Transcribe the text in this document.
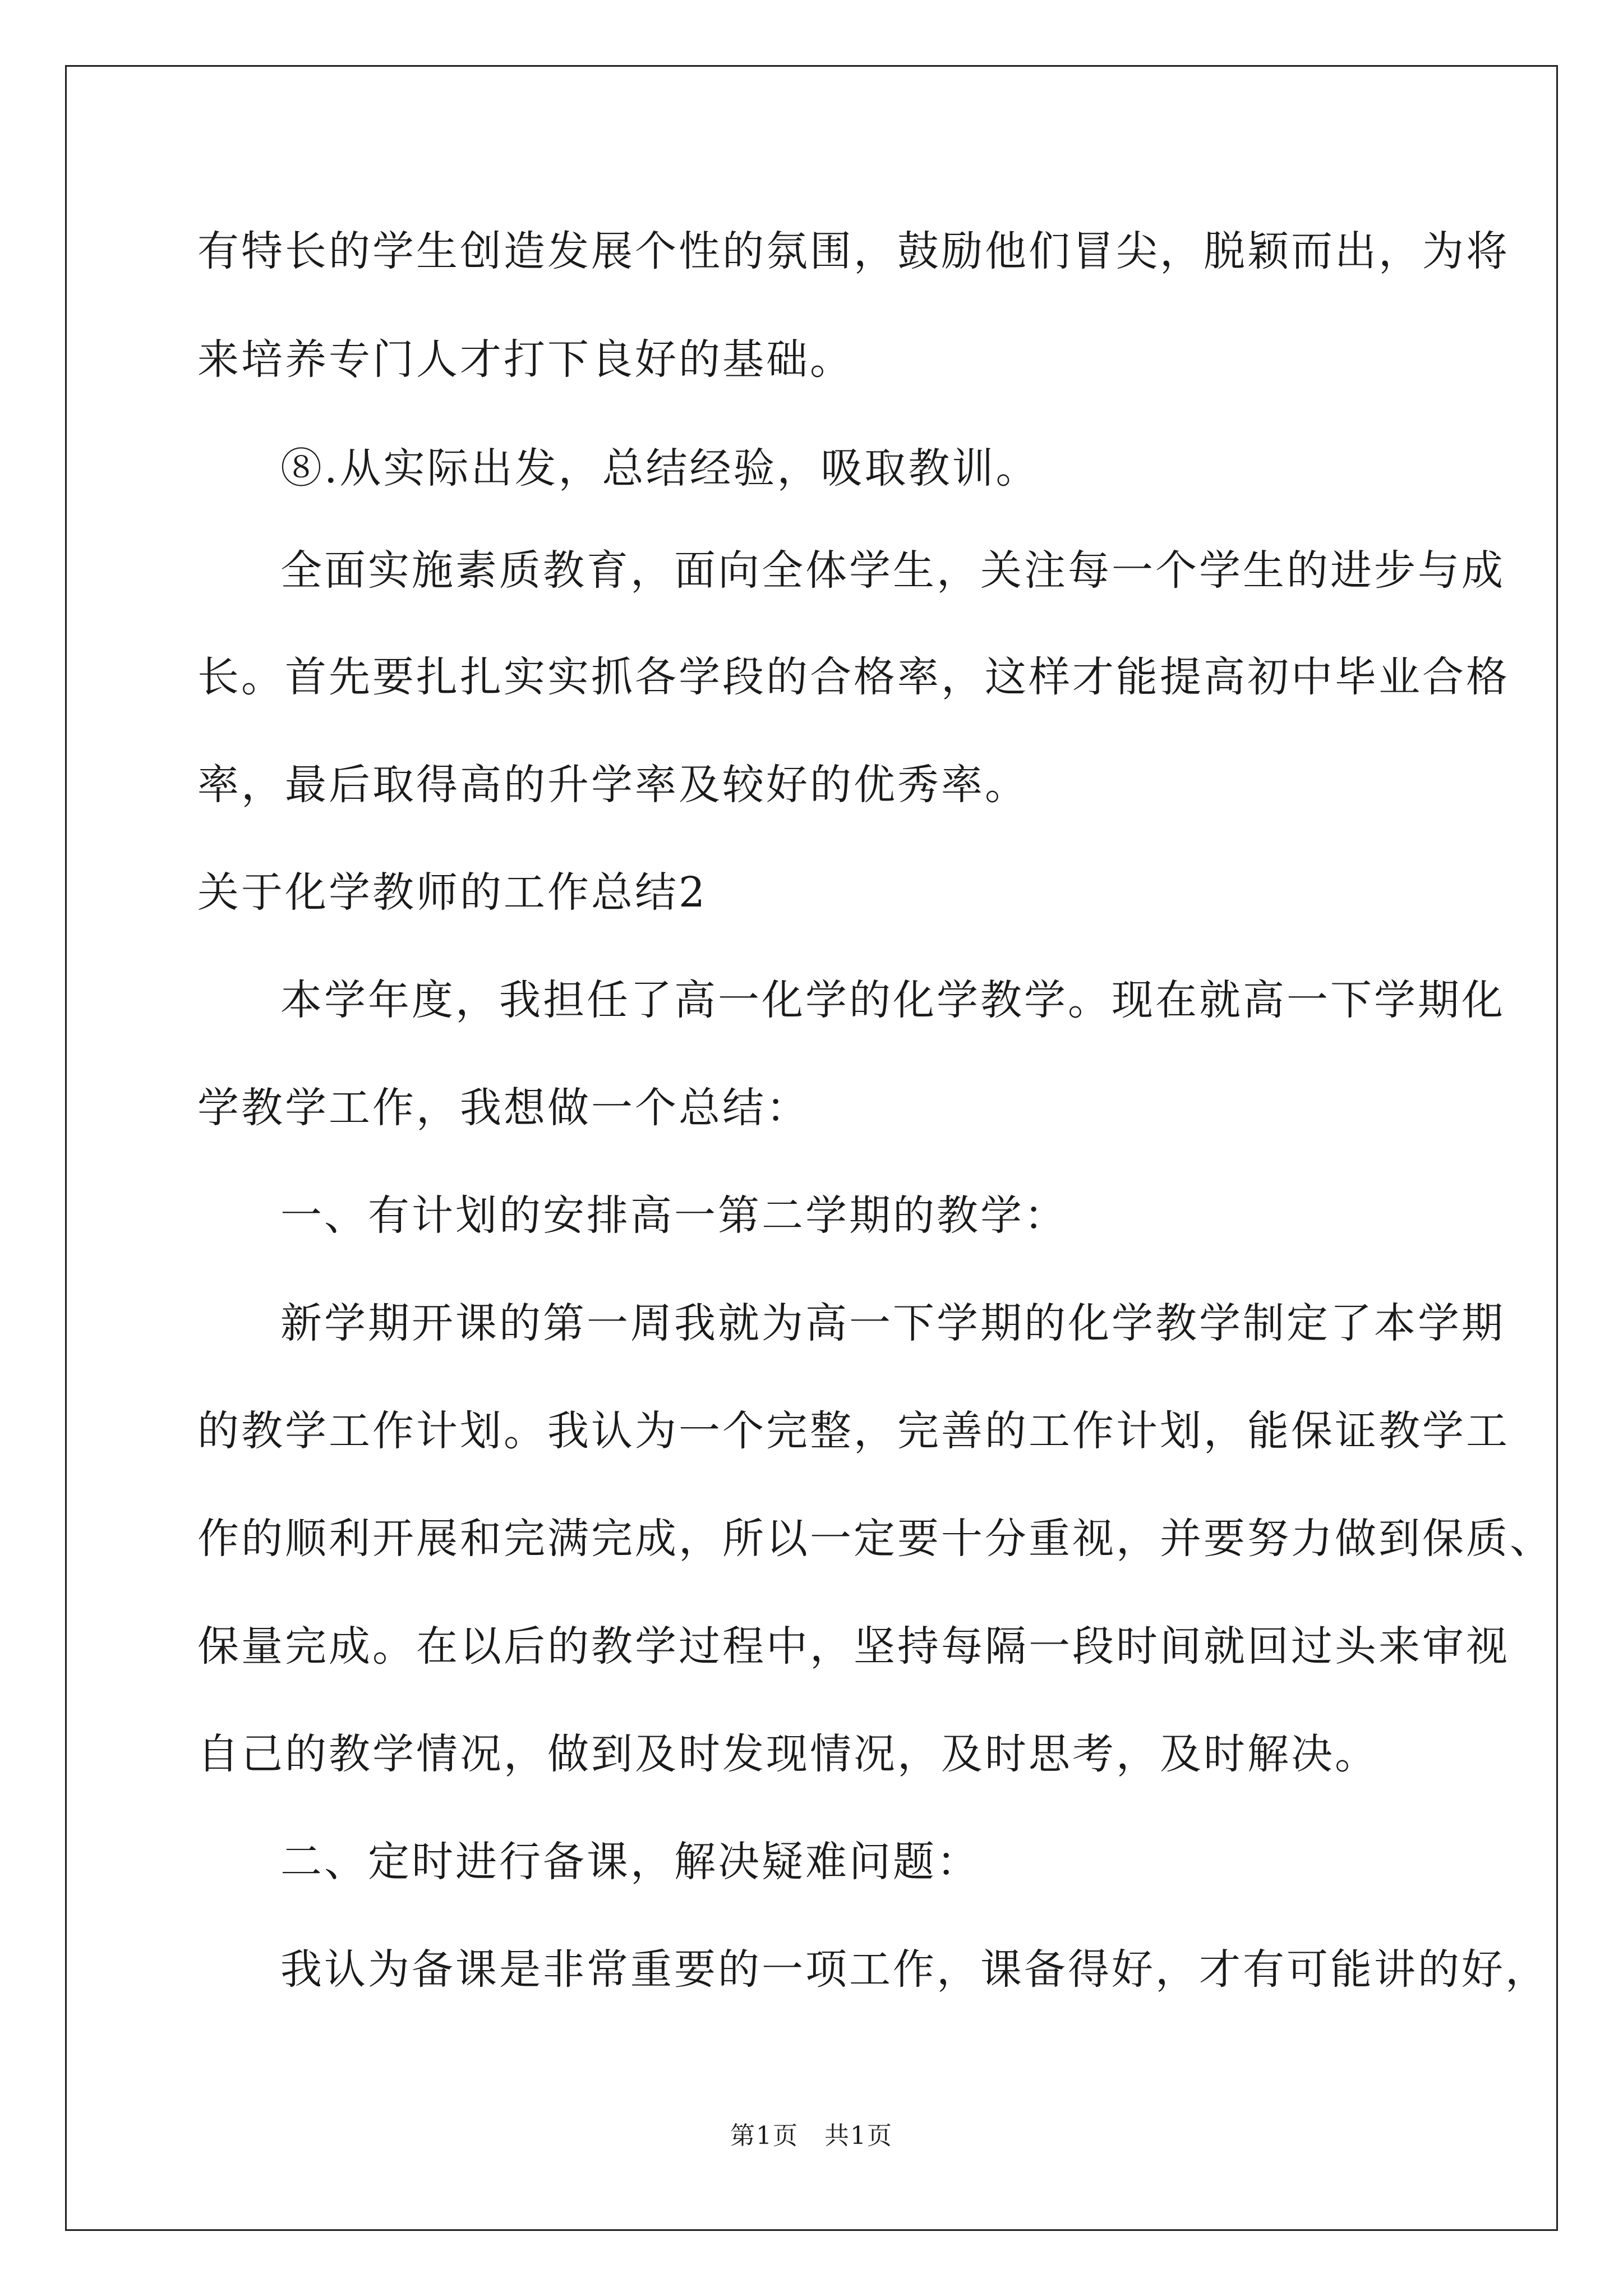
有特长的学生创造发展个性的氛围，鼓励他们冒尖，脱颖而出，为将
来培养专门人才打下良好的基础。
⑧.从实际出发，总结经验，吸取教训。
全面实施素质教育，面向全体学生，关注每一个学生的进步与成
长。首先要扎扎实实抓各学段的合格率，这样才能提高初中毕业合格
率，最后取得高的升学率及较好的优秀率。
关于化学教师的工作总结2
本学年度，我担任了高一化学的化学教学。现在就高一下学期化
学教学工作，我想做一个总结：
一、有计划的安排高一第二学期的教学：
新学期开课的第一周我就为高一下学期的化学教学制定了本学期
的教学工作计划。我认为一个完整，完善的工作计划，能保证教学工
作的顺利开展和完满完成，所以一定要十分重视，并要努力做到保质、
保量完成。在以后的教学过程中，坚持每隔一段时间就回过头来审视
自己的教学情况，做到及时发现情况，及时思考，及时解决。
二、定时进行备课，解决疑难问题：
我认为备课是非常重要的一项工作，课备得好，才有可能讲的好，
第1页　共1页
